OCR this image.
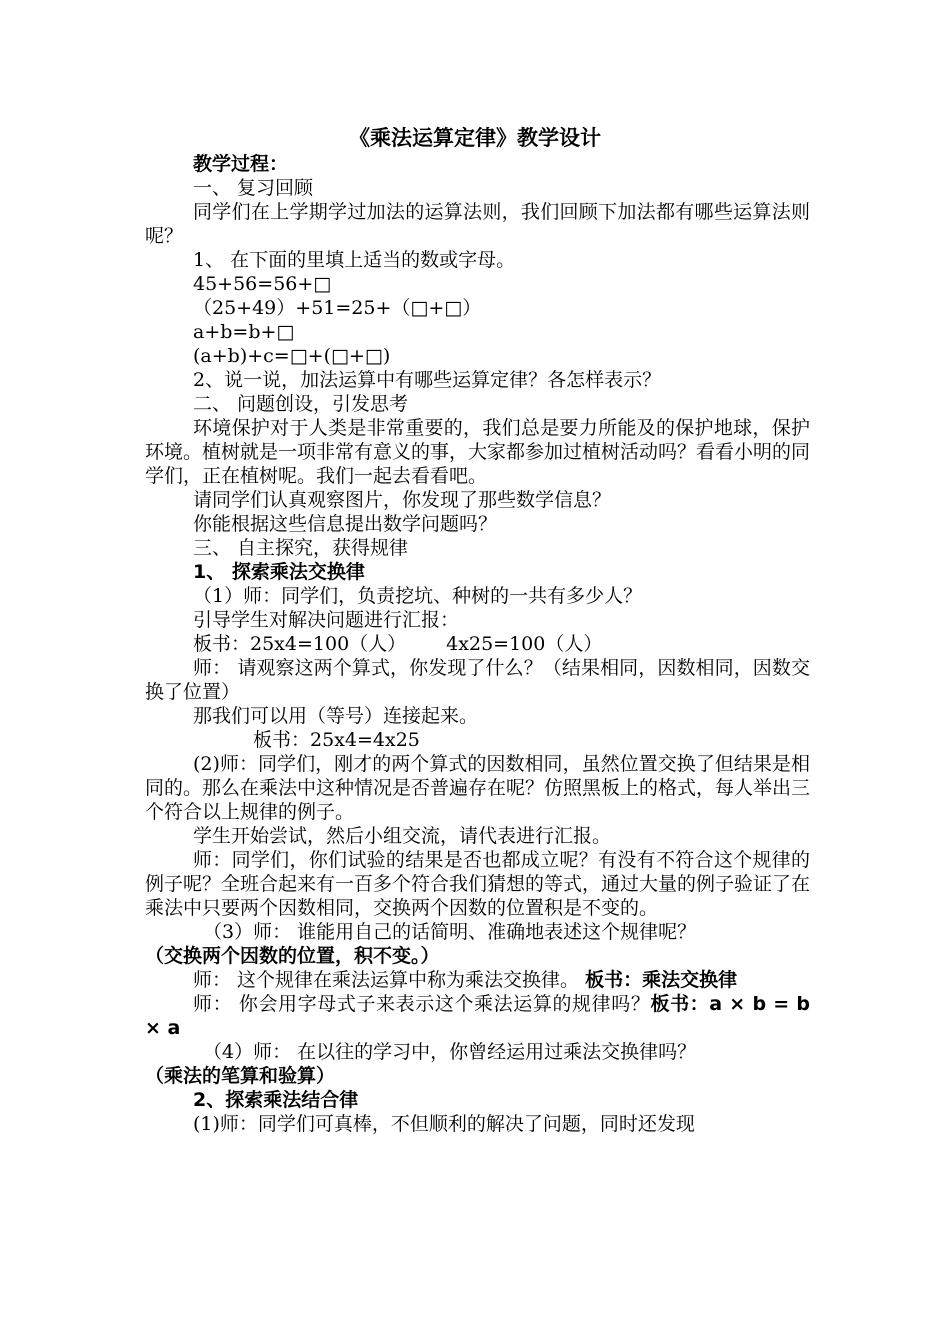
《乘法运算定律》教学设计

教学过程：

一、 复习回顾

同学们在上学期学过加法的运算法则，我们回顾下加法都有哪些运算法则呢？

1、 在下面的里填上适当的数或字母。

45+56=56+□

（25+49）+51=25+（□+□）

a+b=b+□

(a+b)+c=□+(□+□)

2、说一说，加法运算中有哪些运算定律？各怎样表示？

二、 问题创设，引发思考

环境保护对于人类是非常重要的，我们总是要力所能及的保护地球，保护环境。植树就是一项非常有意义的事，大家都参加过植树活动吗？看看小明的同学们，正在植树呢。我们一起去看看吧。

请同学们认真观察图片，你发现了那些数学信息？

你能根据这些信息提出数学问题吗？

三、 自主探究，获得规律

1、 探索乘法交换律

（1）师：同学们，负责挖坑、种树的一共有多少人？

引导学生对解决问题进行汇报：

板书：25x4=100（人） 4x25=100（人）

师： 请观察这两个算式，你发现了什么？（结果相同，因数相同，因数交换了位置）

那我们可以用（等号）连接起来。

板书：25x4=4x25

(2)师：同学们，刚才的两个算式的因数相同，虽然位置交换了但结果是相同的。那么在乘法中这种情况是否普遍存在呢？仿照黑板上的格式，每人举出三个符合以上规律的例子。

学生开始尝试，然后小组交流，请代表进行汇报。

师：同学们，你们试验的结果是否也都成立呢？有没有不符合这个规律的例子呢？全班合起来有一百多个符合我们猜想的等式，通过大量的例子验证了在乘法中只要两个因数相同，交换两个因数的位置积是不变的。

（3）师： 谁能用自己的话简明、准确地表述这个规律呢？

（交换两个因数的位置，积不变。）

师： 这个规律在乘法运算中称为乘法交换律。 板书：乘法交换律

师： 你会用字母式子来表示这个乘法运算的规律吗？板书：a × b = b × a

（4）师： 在以往的学习中，你曾经运用过乘法交换律吗？

（乘法的笔算和验算）

2、探索乘法结合律

(1)师：同学们可真棒，不但顺利的解决了问题，同时还发现
